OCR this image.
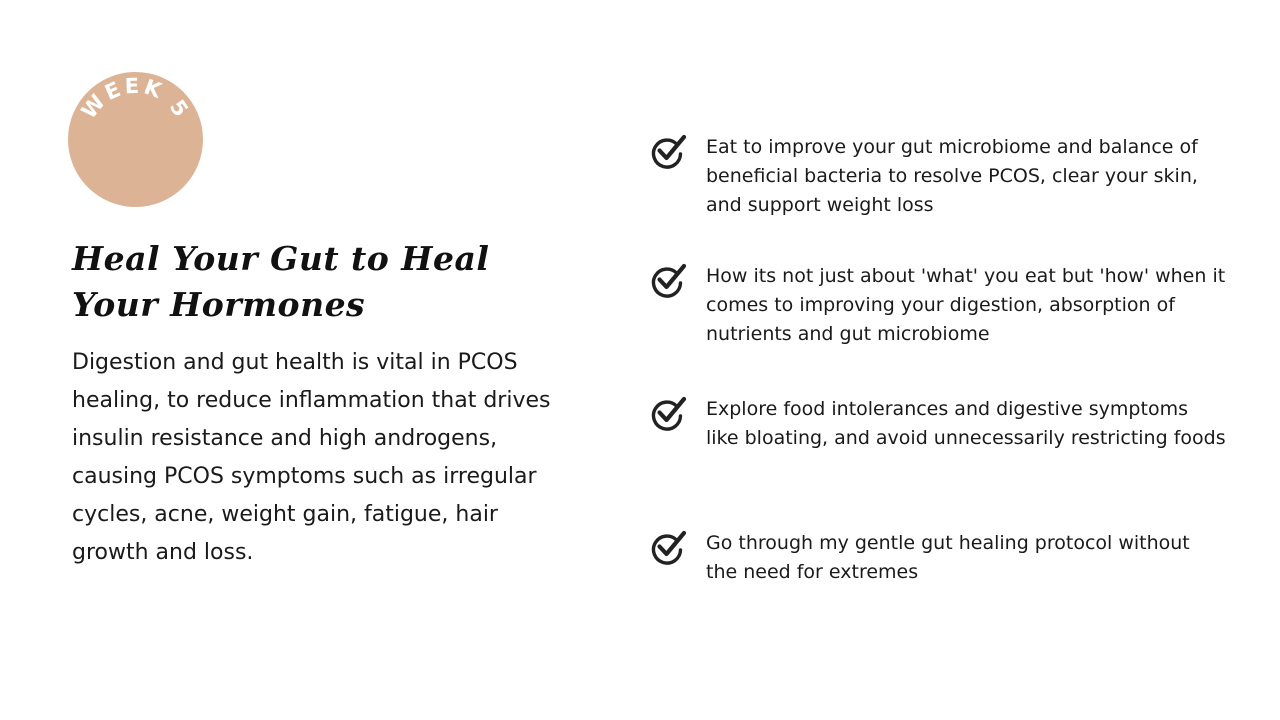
WEEK 5
Heal Your Gut to Heal
Your Hormones

Digestion and gut health is vital in PCOS healing, to reduce inflammation that drives insulin resistance and high androgens, causing PCOS symptoms such as irregular cycles, acne, weight gain, fatigue, hair growth and loss.

Eat to improve your gut microbiome and balance of beneficial bacteria to resolve PCOS, clear your skin, and support weight loss

How its not just about 'what' you eat but 'how' when it comes to improving your digestion, absorption of nutrients and gut microbiome

Explore food intolerances and digestive symptoms like bloating, and avoid unnecessarily restricting foods

Go through my gentle gut healing protocol without the need for extremes
